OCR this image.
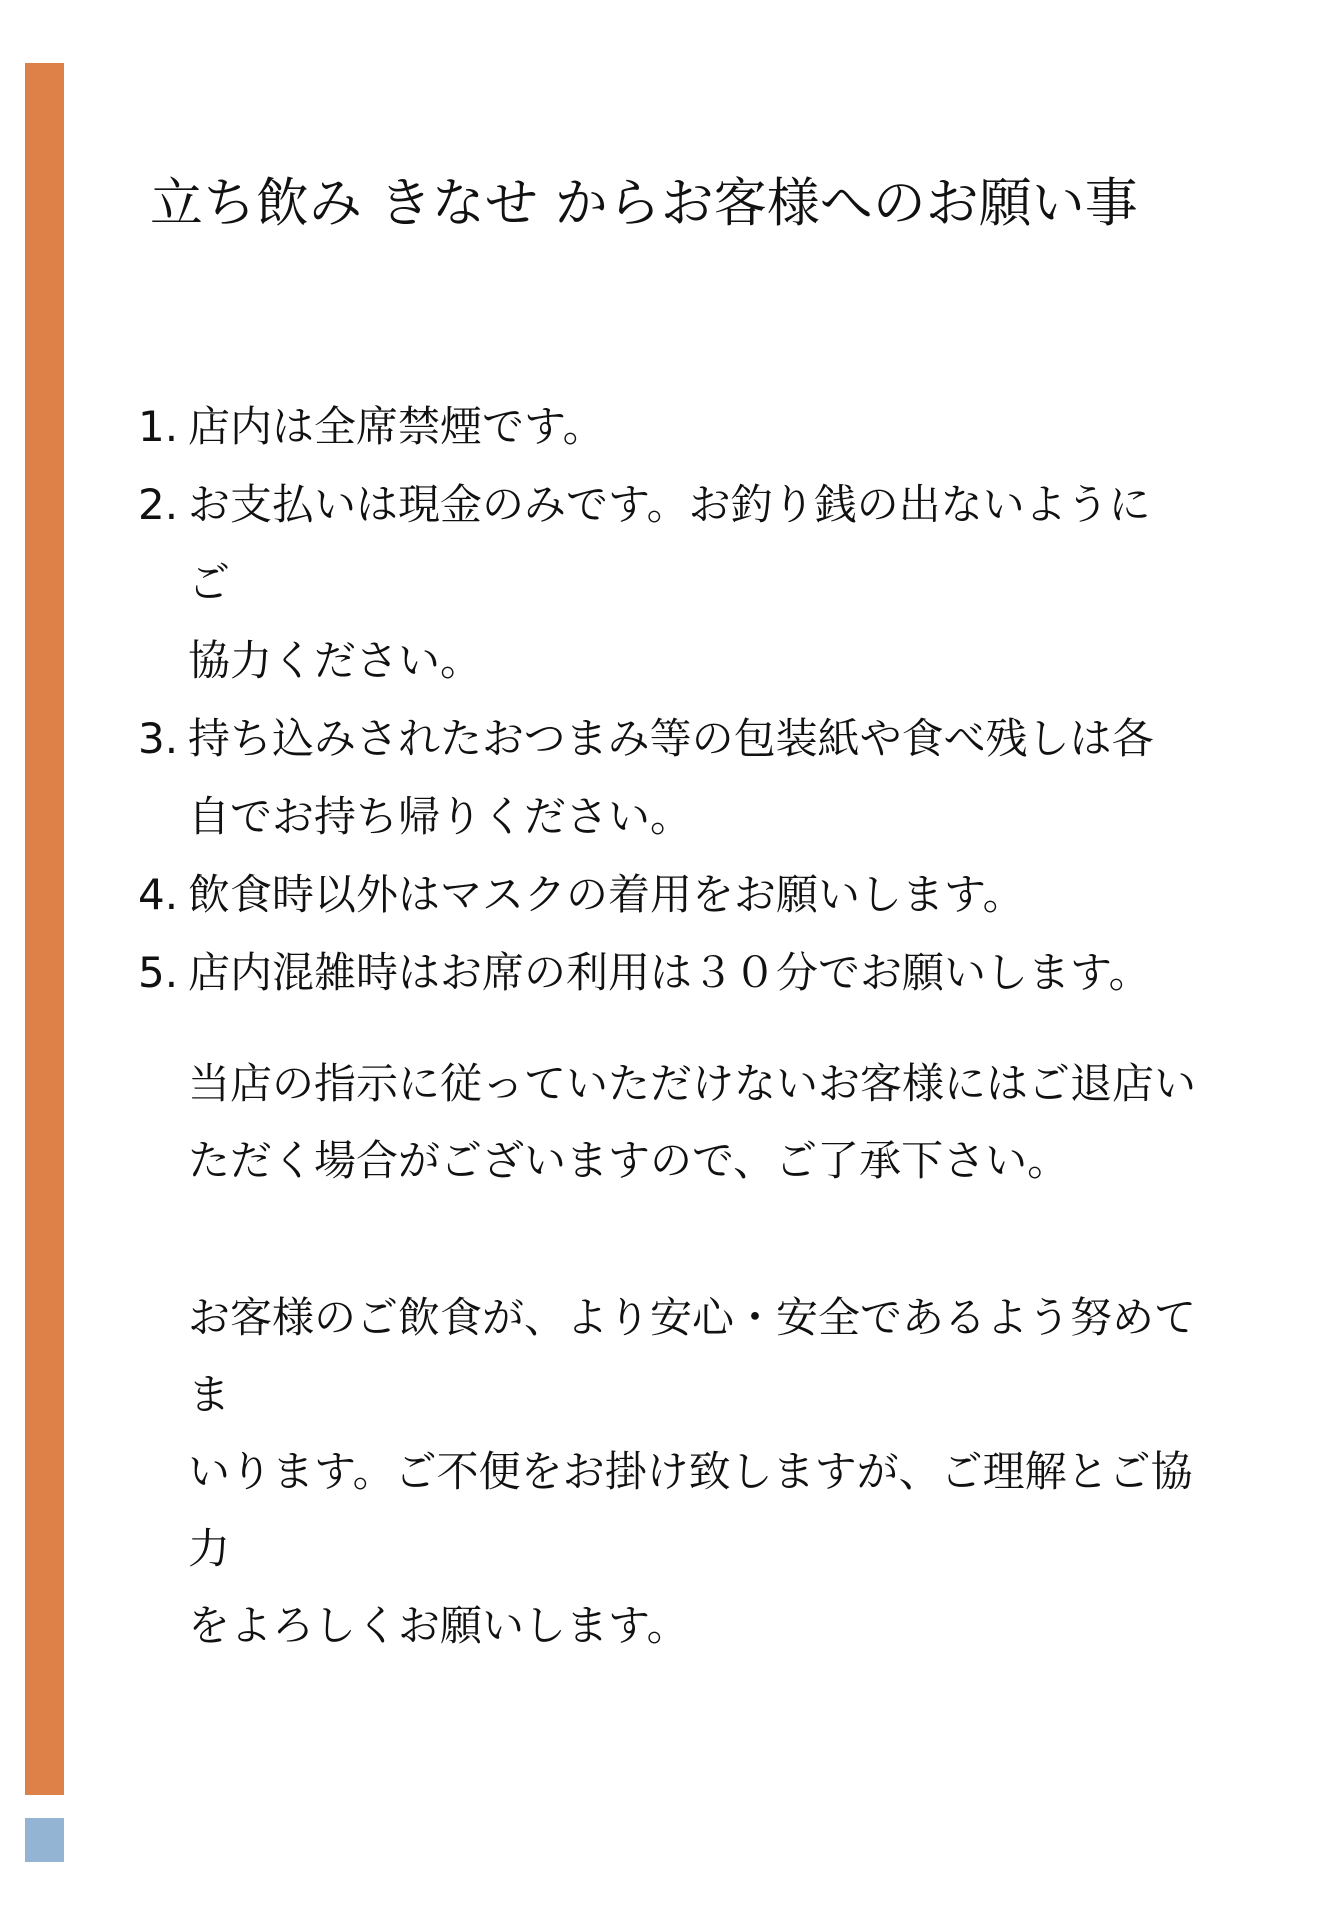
立ち飲み きなせ からお客様へのお願い事
1. 店内は全席禁煙です。
2. お支払いは現金のみです。お釣り銭の出ないようにご
協力ください。
3. 持ち込みされたおつまみ等の包装紙や食べ残しは各
自でお持ち帰りください。
4. 飲食時以外はマスクの着用をお願いします。
5. 店内混雑時はお席の利用は３０分でお願いします。

当店の指示に従っていただけないお客様にはご退店い
ただく場合がございますので、ご了承下さい。

お客様のご飲食が、より安心・安全であるよう努めてま
いります。ご不便をお掛け致しますが、ご理解とご協力
をよろしくお願いします。
